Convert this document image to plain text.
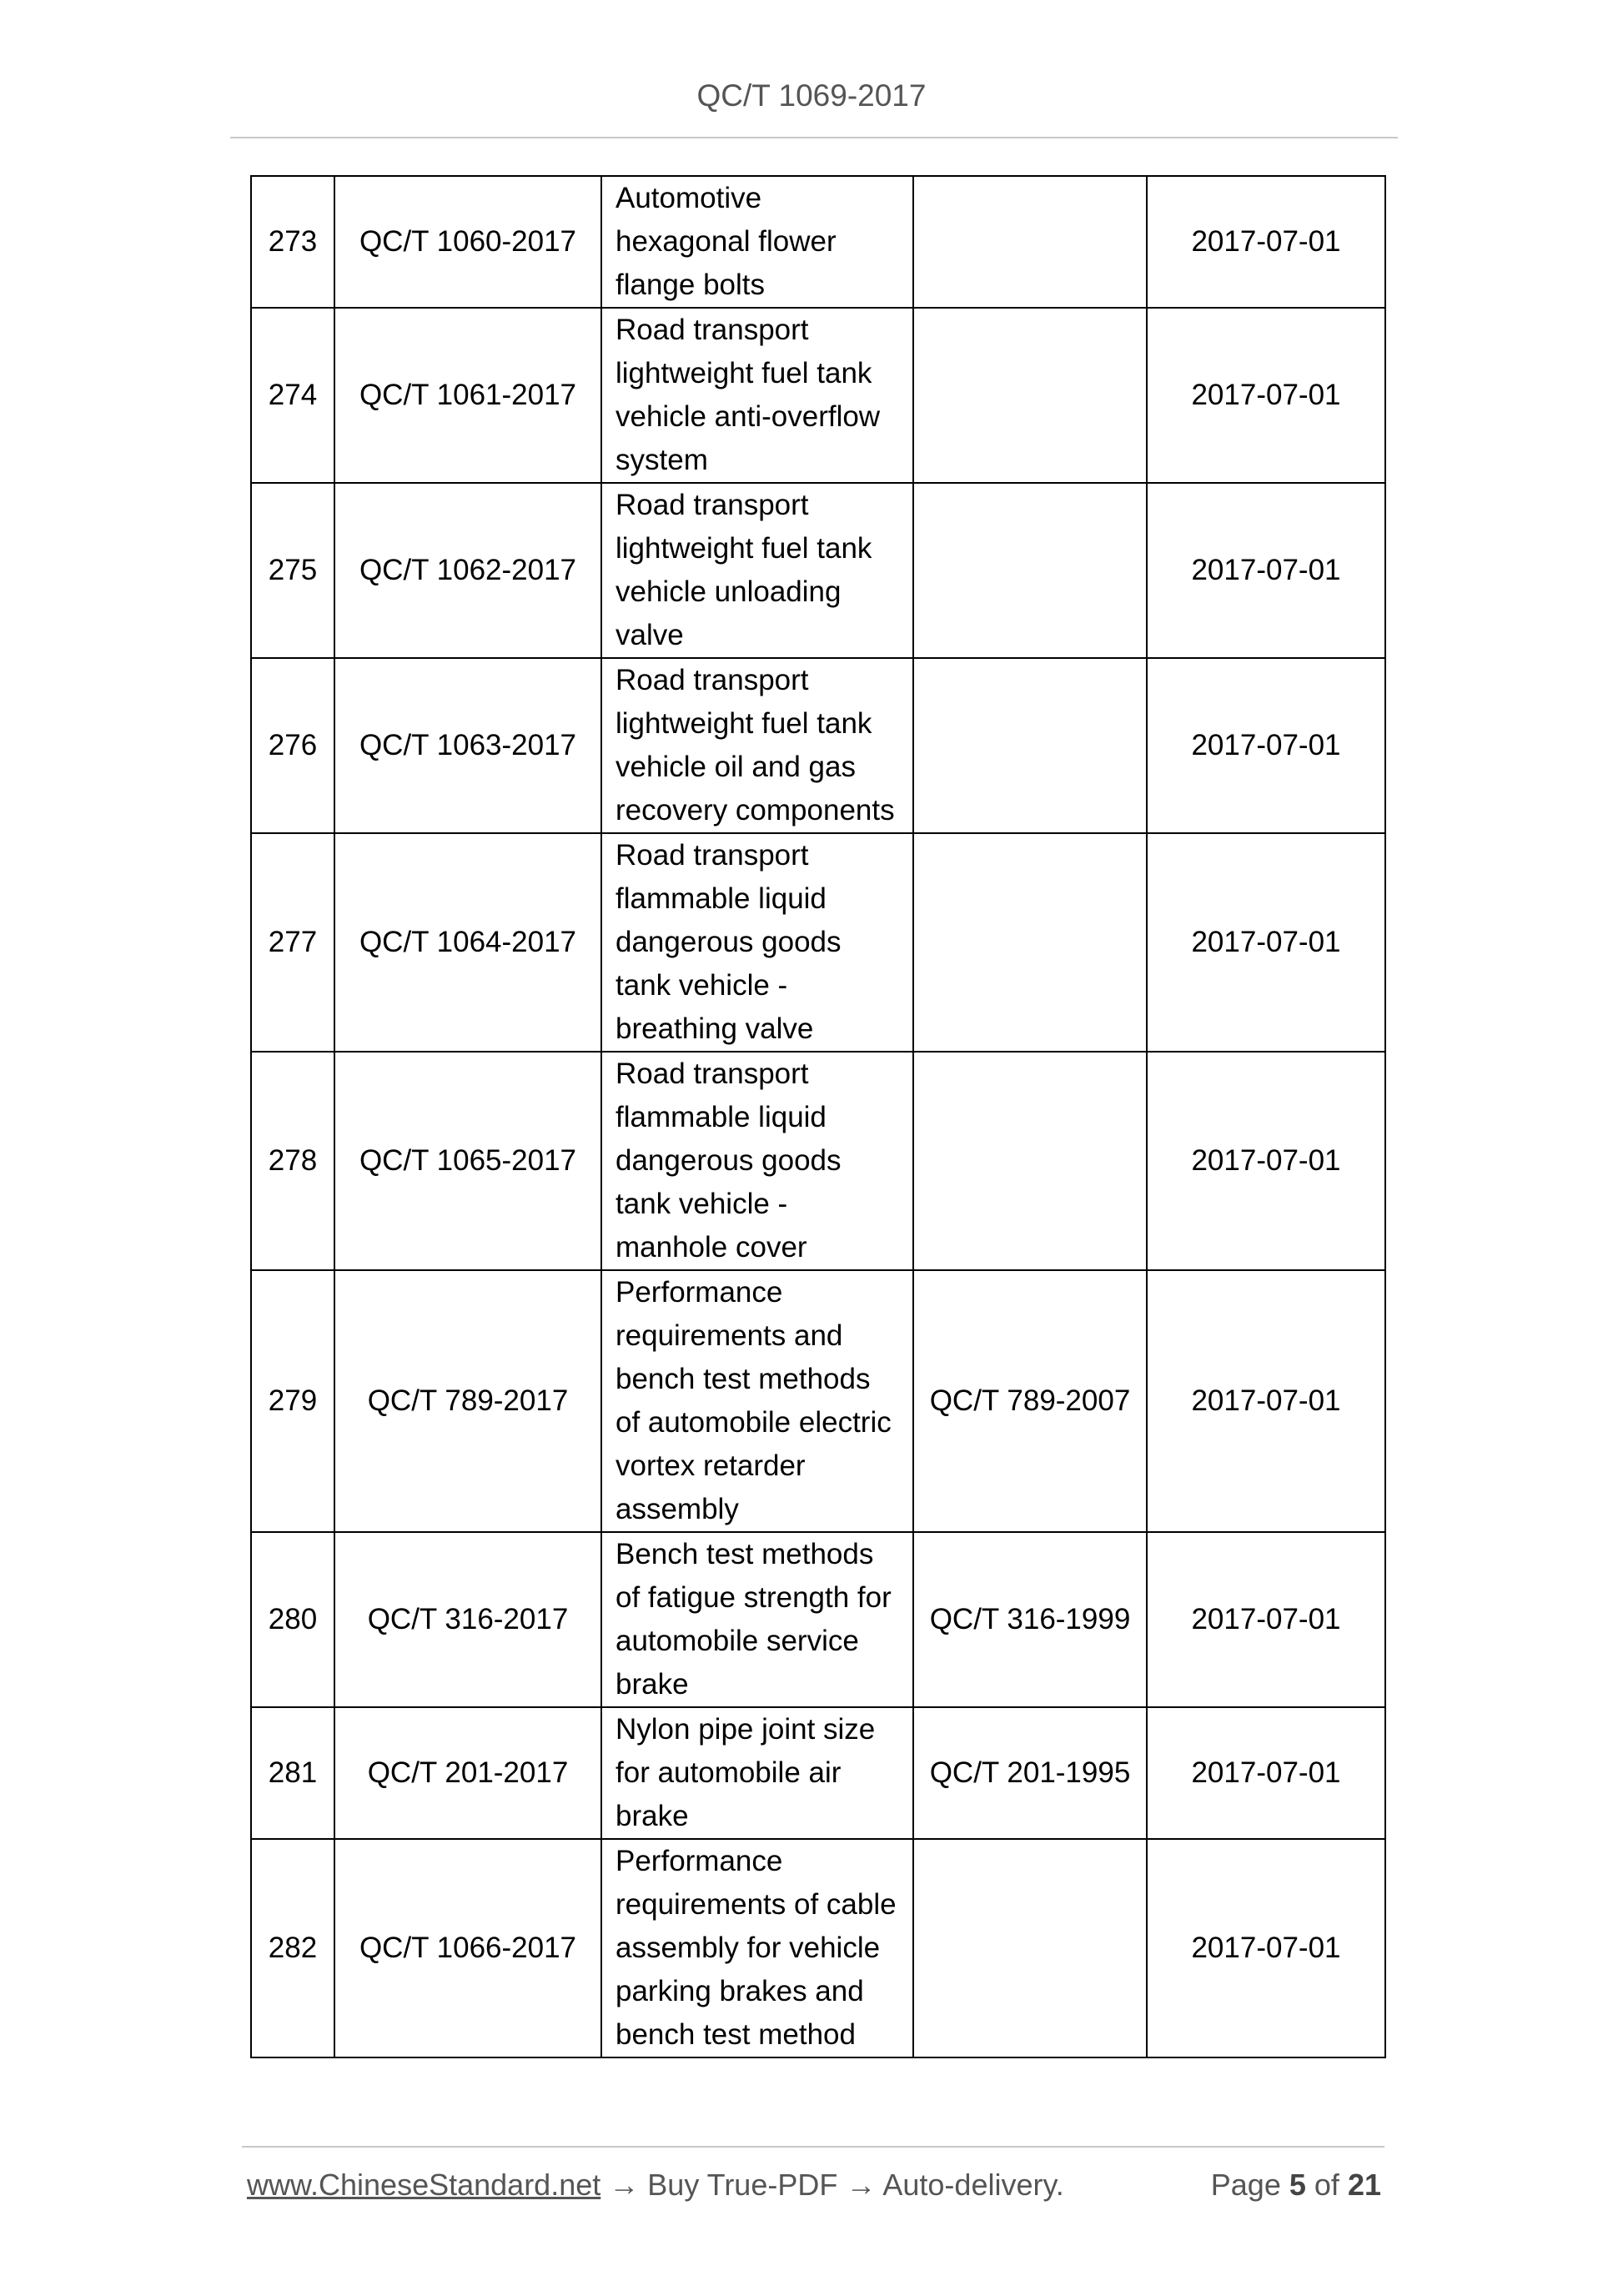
QC/T 1069-2017
273	QC/T 1060-2017	
Automotive
hexagonal flower
flange bolts
		2017-07-01
274	QC/T 1061-2017	
Road transport
lightweight fuel tank
vehicle anti-overflow
system
		2017-07-01
275	QC/T 1062-2017	
Road transport
lightweight fuel tank
vehicle unloading
valve
		2017-07-01
276	QC/T 1063-2017	
Road transport
lightweight fuel tank
vehicle oil and gas
recovery components
		2017-07-01
277	QC/T 1064-2017	
Road transport
flammable liquid
dangerous goods
tank vehicle -
breathing valve
		2017-07-01
278	QC/T 1065-2017	
Road transport
flammable liquid
dangerous goods
tank vehicle -
manhole cover
		2017-07-01
279	QC/T 789-2017	
Performance
requirements and
bench test methods
of automobile electric
vortex retarder
assembly
	QC/T 789-2007	2017-07-01
280	QC/T 316-2017	
Bench test methods
of fatigue strength for
automobile service
brake
	QC/T 316-1999	2017-07-01
281	QC/T 201-2017	
Nylon pipe joint size
for automobile air
brake
	QC/T 201-1995	2017-07-01
282	QC/T 1066-2017	
Performance
requirements of cable
assembly for vehicle
parking brakes and
bench test method
		2017-07-01
www.ChineseStandard.net → Buy True-PDF → Auto-delivery.	Page 5 of 21
